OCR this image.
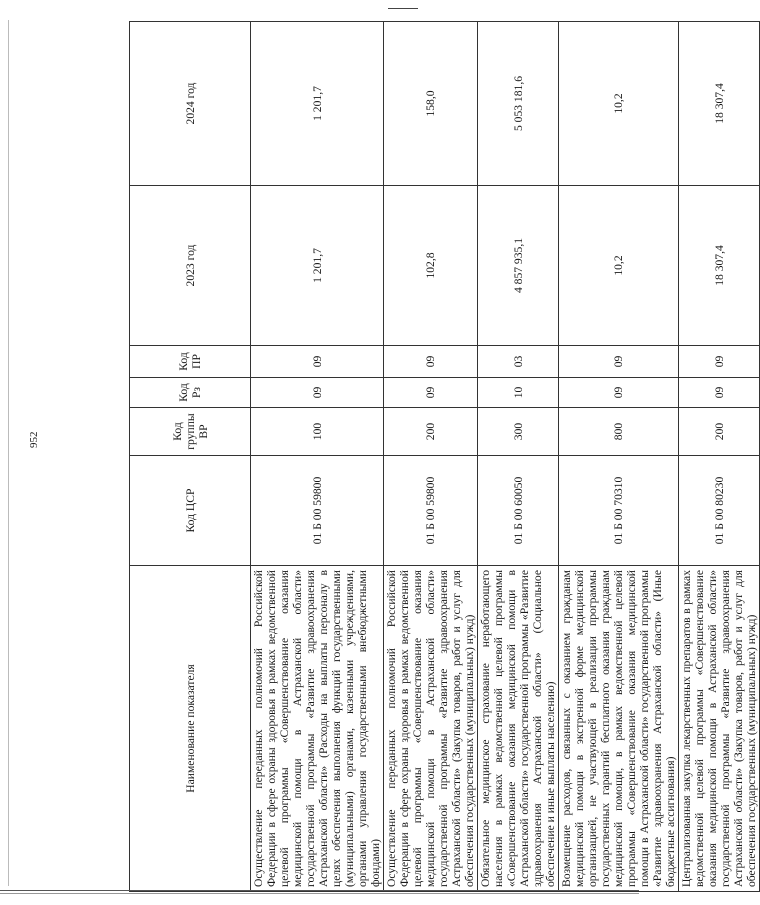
952
Наименование показателя	Код ЦСР	Код группы ВР	Код Рз	Код ПР	2023 год	2024 год
Осуществление переданных полномочий Российской Федерации в сфере охраны здоровья в рамках ведомственной целевой программы «Совершенствование оказания медицинской помощи в Астраханской области» государственной программы «Развитие здравоохранения Астраханской области» (Расходы на выплаты персоналу в целях обеспечения выполнения функций государственными (муниципальными) органами, казенными учреждениями, органами управления государственными внебюджетными фондами)	01 Б 00 59800	100	09	09	1 201,7	1 201,7
Осуществление переданных полномочий Российской Федерации в сфере охраны здоровья в рамках ведомственной целевой программы «Совершенствование оказания медицинской помощи в Астраханской области» государственной программы «Развитие здравоохранения Астраханской области» (Закупка товаров, работ и услуг для обеспечения государственных (муниципальных) нужд)	01 Б 00 59800	200	09	09	102,8	158,0
Обязательное медицинское страхование неработающего населения в рамках ведомственной целевой программы «Совершенствование оказания медицинской помощи в Астраханской области» государственной программы «Развитие здравоохранения Астраханской области» (Социальное обеспечение и иные выплаты населению)	01 Б 00 60050	300	10	03	4 857 935,1	5 053 181,6
Возмещение расходов, связанных с оказанием гражданам медицинской помощи в экстренной форме медицинской организацией, не участвующей в реализации программы государственных гарантий бесплатного оказания гражданам медицинской помощи, в рамках ведомственной целевой программы «Совершенствование оказания медицинской помощи в Астраханской области» государственной программы «Развитие здравоохранения Астраханской области» (Иные бюджетные ассигнования)	01 Б 00 70310	800	09	09	10,2	10,2
Централизованная закупка лекарственных препаратов в рамках ведомственной целевой программы «Совершенствование оказания медицинской помощи в Астраханской области» государственной программы «Развитие здравоохранения Астраханской области» (Закупка товаров, работ и услуг для обеспечения государственных (муниципальных) нужд)	01 Б 00 80230	200	09	09	18 307,4	18 307,4
